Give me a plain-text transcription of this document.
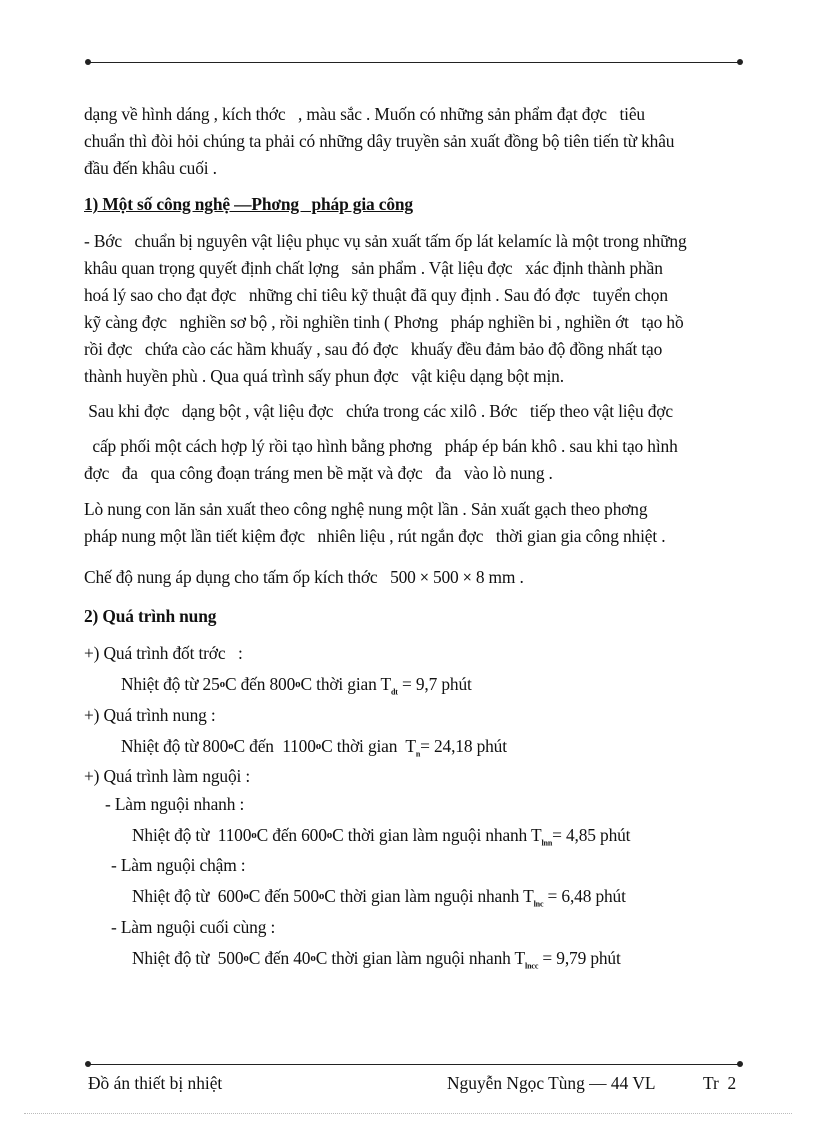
dạng về hình dáng , kích thớc   , màu sắc . Muốn có những sản phẩm đạt đợc   tiêu
chuẩn thì đòi hỏi chúng ta phải có những dây truyền sản xuất đồng bộ tiên tiến từ khâu
đầu đến khâu cuối .
1) Một số công nghệ —Phơng   pháp gia công
- Bớc   chuẩn bị nguyên vật liệu phục vụ sản xuất tấm ốp lát kelamíc là một trong những
khâu quan trọng quyết định chất lợng   sản phẩm . Vật liệu đợc   xác định thành phần
hoá lý sao cho đạt đợc   những chỉ tiêu kỹ thuật đã quy định . Sau đó đợc   tuyển chọn
kỹ càng đợc   nghiền sơ bộ , rồi nghiền tinh ( Phơng   pháp nghiền bi , nghiền ớt   tạo hồ
rồi đợc   chứa cào các hầm khuấy , sau đó đợc   khuấy đều đảm bảo độ đồng nhất tạo
thành huyền phù . Qua quá trình sấy phun đợc   vật kiệu dạng bột mịn.
Sau khi đợc   dạng bột , vật liệu đợc   chứa trong các xilô . Bớc   tiếp theo vật liệu đợc
cấp phối một cách hợp lý rồi tạo hình bằng phơng   pháp ép bán khô . sau khi tạo hình
đợc   đa   qua công đoạn tráng men bề mặt và đợc   đa   vào lò nung .
Lò nung con lăn sản xuất theo công nghệ nung một lần . Sản xuất gạch theo phơng
pháp nung một lần tiết kiệm đợc   nhiên liệu , rút ngắn đợc   thời gian gia công nhiệt .
Chế độ nung áp dụng cho tấm ốp kích thớc   500 × 500 × 8 mm .
2) Quá trình nung
+) Quá trình đốt trớc   :
Nhiệt độ từ 25$^o$C đến 800$^o$C thời gian $T_{dt} = 9,7$ phút
+) Quá trình nung :
Nhiệt độ từ 800$^o$C đến  1100$^o$C thời gian  $T_n= 24,18$ phút
+) Quá trình làm nguội :
- Làm nguội nhanh :
Nhiệt độ từ  1100$^o$C đến 600$^o$C thời gian làm nguội nhanh $T_{lnn}= 4,85$ phút
- Làm nguội chậm :
Nhiệt độ từ  600$^o$C đến 500$^o$C thời gian làm nguội nhanh $T_{lnc} = 6,48$ phút
- Làm nguội cuối cùng :
Nhiệt độ từ  500$^o$C đến 40$^o$C thời gian làm nguội nhanh $T_{lncc} = 9,79$ phút
Đồ án thiết bị nhiệt	Nguyễn Ngọc Tùng — 44 VL	Tr  2
